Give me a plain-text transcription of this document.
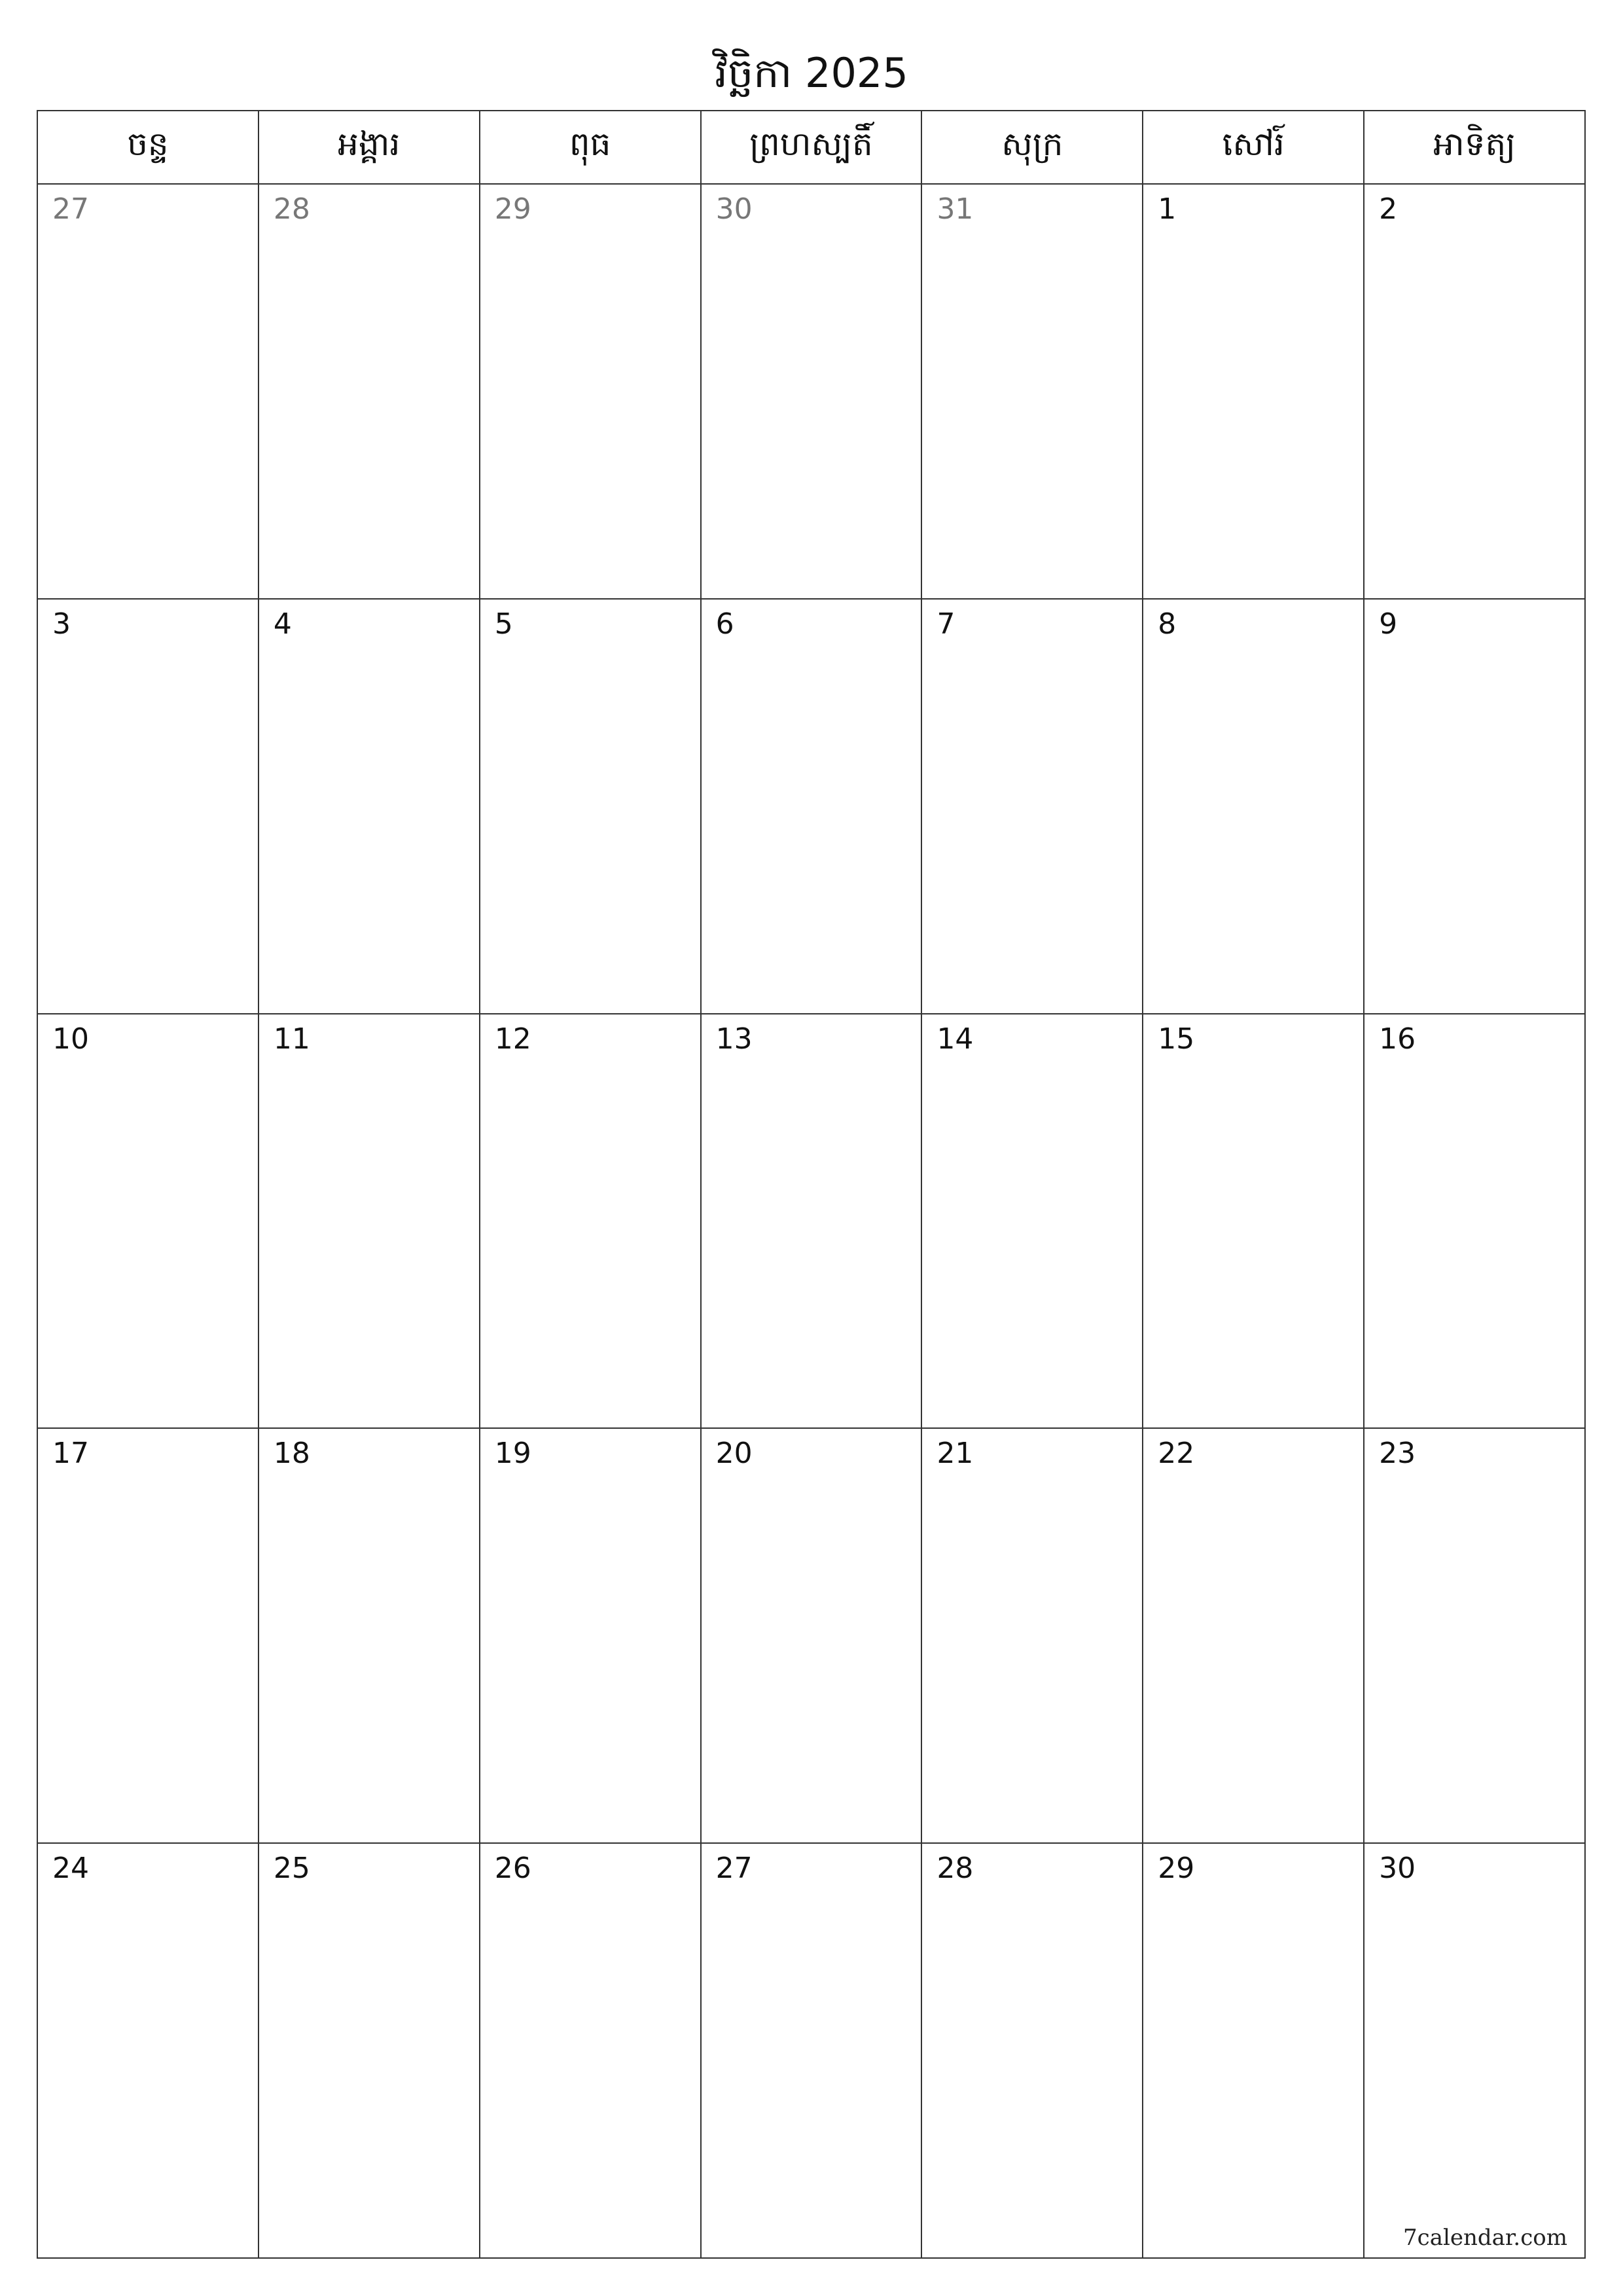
វិច្ឆិកា 2025
ចន្ទ	អង្គារ	ពុធ	ព្រហស្បតិ៍	សុក្រ	សៅរ៍	អាទិត្យ
27	28	29	30	31	1	2
3	4	5	6	7	8	9
10	11	12	13	14	15	16
17	18	19	20	21	22	23
24	25	26	27	28	29	30
7calendar.com
